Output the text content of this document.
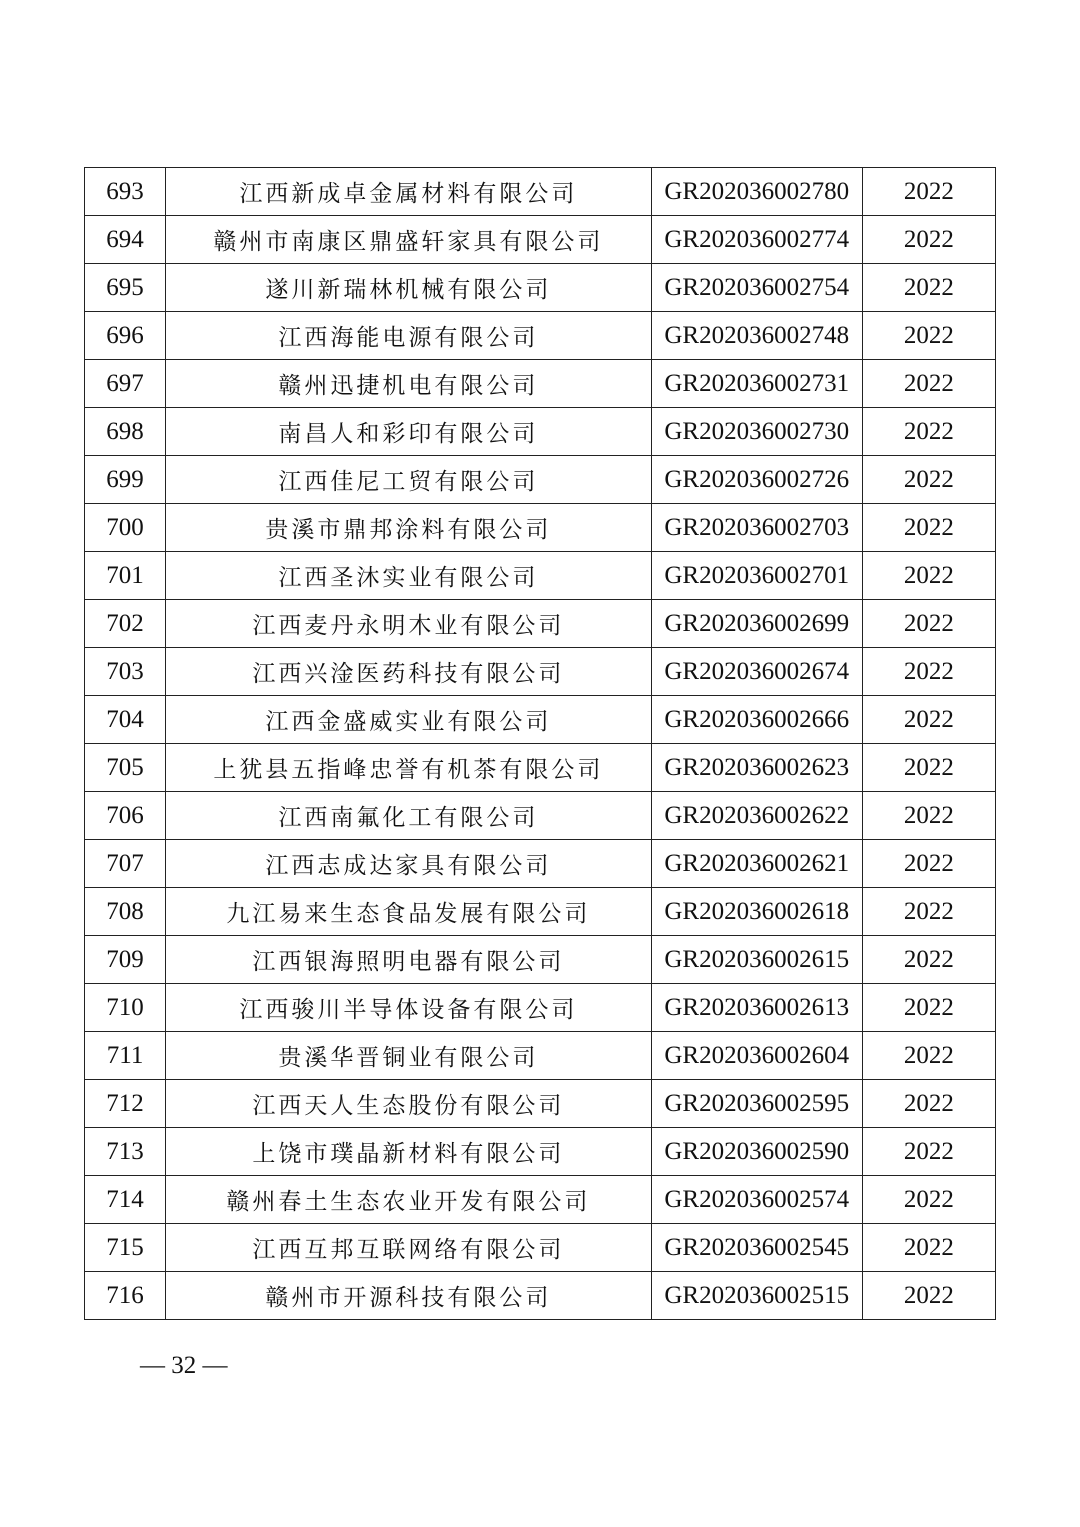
693	江西新成卓金属材料有限公司	GR202036002780	2022
694	赣州市南康区鼎盛轩家具有限公司	GR202036002774	2022
695	遂川新瑞林机械有限公司	GR202036002754	2022
696	江西海能电源有限公司	GR202036002748	2022
697	赣州迅捷机电有限公司	GR202036002731	2022
698	南昌人和彩印有限公司	GR202036002730	2022
699	江西佳尼工贸有限公司	GR202036002726	2022
700	贵溪市鼎邦涂料有限公司	GR202036002703	2022
701	江西圣沐实业有限公司	GR202036002701	2022
702	江西麦丹永明木业有限公司	GR202036002699	2022
703	江西兴淦医药科技有限公司	GR202036002674	2022
704	江西金盛威实业有限公司	GR202036002666	2022
705	上犹县五指峰忠誉有机茶有限公司	GR202036002623	2022
706	江西南氟化工有限公司	GR202036002622	2022
707	江西志成达家具有限公司	GR202036002621	2022
708	九江易来生态食品发展有限公司	GR202036002618	2022
709	江西银海照明电器有限公司	GR202036002615	2022
710	江西骏川半导体设备有限公司	GR202036002613	2022
711	贵溪华晋铜业有限公司	GR202036002604	2022
712	江西天人生态股份有限公司	GR202036002595	2022
713	上饶市璞晶新材料有限公司	GR202036002590	2022
714	赣州春土生态农业开发有限公司	GR202036002574	2022
715	江西互邦互联网络有限公司	GR202036002545	2022
716	赣州市开源科技有限公司	GR202036002515	2022
— 32 —
